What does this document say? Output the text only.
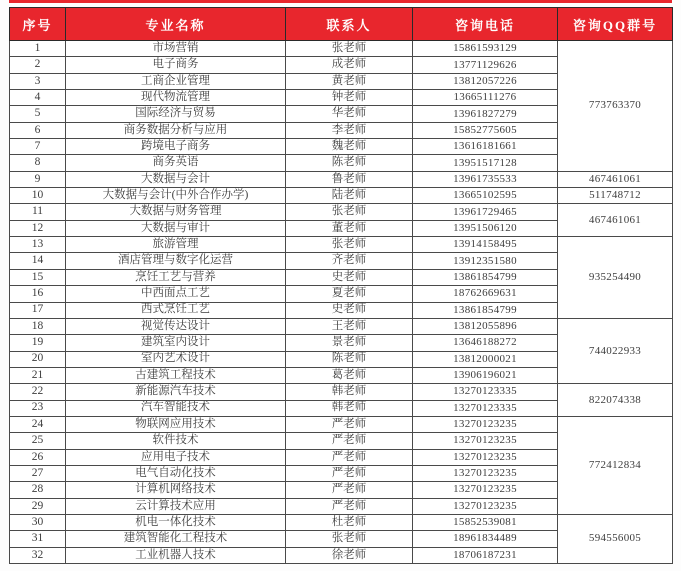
序号	专业名称	联系人	咨询电话	咨询QQ群号
1	市场营销	张老师	15861593129	773763370
2	电子商务	成老师	13771129626	
3	工商企业管理	黄老师	13812057226	
4	现代物流管理	钟老师	13665111276	
5	国际经济与贸易	华老师	13961827279	
6	商务数据分析与应用	李老师	15852775605	
7	跨境电子商务	魏老师	13616181661	
8	商务英语	陈老师	13951517128	
9	大数据与会计	鲁老师	13961735533	467461061
10	大数据与会计(中外合作办学)	陆老师	13665102595	511748712
11	大数据与财务管理	张老师	13961729465	467461061
12	大数据与审计	董老师	13951506120	
13	旅游管理	张老师	13914158495	935254490
14	酒店管理与数字化运营	齐老师	13912351580	
15	烹饪工艺与营养	史老师	13861854799	
16	中西面点工艺	夏老师	18762669631	
17	西式烹饪工艺	史老师	13861854799	
18	视觉传达设计	王老师	13812055896	744022933
19	建筑室内设计	景老师	13646188272	
20	室内艺术设计	陈老师	13812000021	
21	古建筑工程技术	葛老师	13906196021	
22	新能源汽车技术	韩老师	13270123335	822074338
23	汽车智能技术	韩老师	13270123335	
24	物联网应用技术	严老师	13270123235	772412834
25	软件技术	严老师	13270123235	
26	应用电子技术	严老师	13270123235	
27	电气自动化技术	严老师	13270123235	
28	计算机网络技术	严老师	13270123235	
29	云计算技术应用	严老师	13270123235	
30	机电一体化技术	杜老师	15852539081	594556005
31	建筑智能化工程技术	张老师	18961834489	
32	工业机器人技术	徐老师	18706187231	
